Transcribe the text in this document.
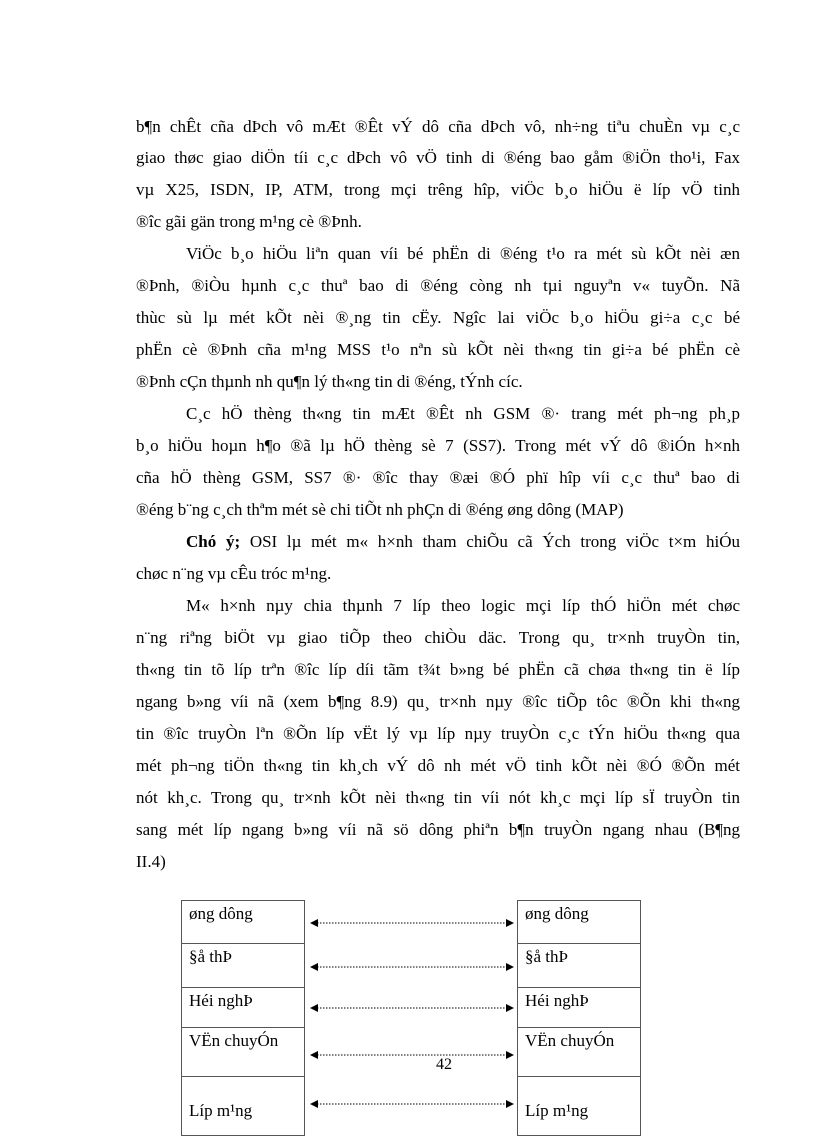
b¶n chÊt cña dÞch vô mÆt ®Êt vÝ dô cña dÞch vô, nh÷ng tiªu chuÈn vµ c¸c
giao thøc giao diÖn tíi c¸c dÞch vô vÖ tinh di ®éng bao gåm ®iÖn tho¹i, Fax
vµ X25, ISDN, IP, ATM, trong mçi trêng hîp, viÖc b¸o hiÖu ë líp vÖ tinh
®îc gãi gän trong m¹ng cè ®Þnh.
ViÖc b¸o hiÖu liªn quan víi bé phËn di ®éng t¹o ra mét sù kÕt nèi æn
®Þnh, ®iÒu hµnh c¸c thuª bao di ®éng còng nh tµi nguyªn v« tuyÕn. Nã
thùc sù lµ mét kÕt nèi ®¸ng tin cËy. Ngîc lai viÖc b¸o hiÖu gi÷a c¸c bé
phËn cè ®Þnh cña m¹ng MSS t¹o nªn sù kÕt nèi th«ng tin gi÷a bé phËn cè
®Þnh cÇn thµnh nh qu¶n lý th«ng tin di ®éng, tÝnh cíc.
C¸c hÖ thèng th«ng tin mÆt ®Êt nh GSM ®· trang mét ph¬ng ph¸p
b¸o hiÖu hoµn h¶o ®ã lµ hÖ thèng sè 7 (SS7). Trong mét vÝ dô ®iÓn h×nh
cña hÖ thèng GSM, SS7 ®· ®îc thay ®æi ®Ó phï hîp víi c¸c thuª bao di
®éng b¨ng c¸ch thªm mét sè chi tiÕt nh phÇn di ®éng øng dông (MAP)
Chó ý; OSI lµ mét m« h×nh tham chiÕu cã Ých trong viÖc t×m hiÓu
chøc n¨ng vµ cÊu tróc m¹ng.
M« h×nh nµy chia thµnh 7 líp theo logic mçi líp thÓ hiÖn mét chøc
n¨ng riªng biÖt vµ giao tiÕp theo chiÒu däc. Trong qu¸ tr×nh truyÒn tin,
th«ng tin tõ líp trªn ®îc líp díi tãm t¾t b»ng bé phËn cã chøa th«ng tin ë líp
ngang b»ng víi nã (xem b¶ng 8.9) qu¸ tr×nh nµy ®îc tiÕp tôc ®Õn khi th«ng
tin ®îc truyÒn lªn ®Õn líp vËt lý vµ líp nµy truyÒn c¸c tÝn hiÖu th«ng qua
mét ph¬ng tiÖn th«ng tin kh¸ch vÝ dô nh mét vÖ tinh kÕt nèi ®Ó ®Õn mét
nót kh¸c. Trong qu¸ tr×nh kÕt nèi th«ng tin víi nót kh¸c mçi líp sÏ truyÒn tin
sang mét líp ngang b»ng víi nã sö dông phiªn b¶n truyÒn ngang nhau (B¶ng
II.4)
øng dông
§å thÞ
Héi nghÞ
VËn chuyÓn
Líp m¹ng
øng dông
§å thÞ
Héi nghÞ
VËn chuyÓn
Líp m¹ng
42
